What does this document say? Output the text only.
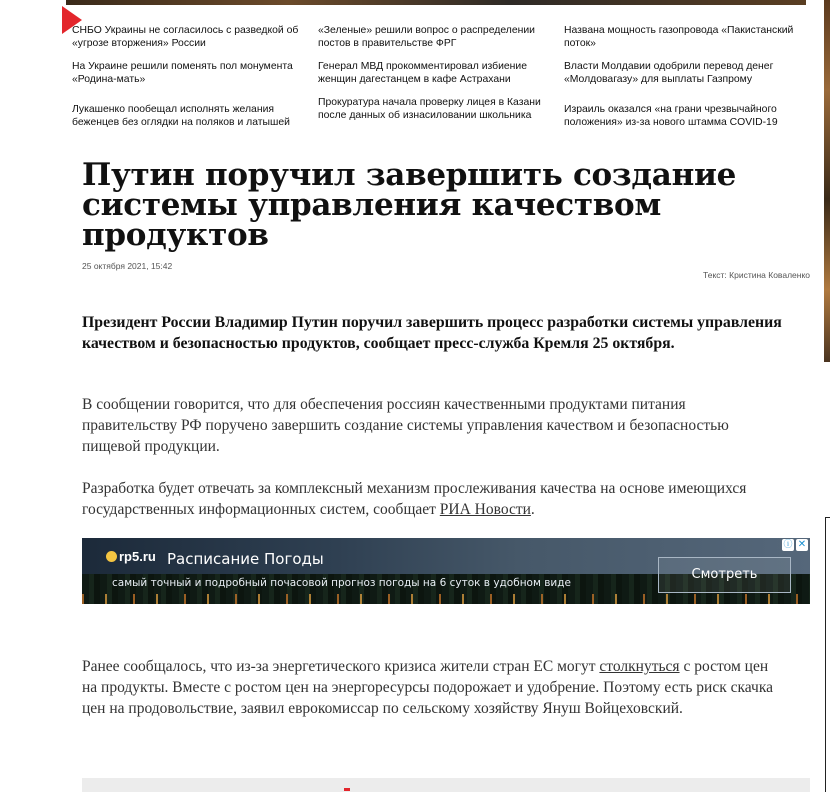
СНБО Украины не согласилось с разведкой об «угрозе вторжения» России
«Зеленые» решили вопрос о распределении постов в правительстве ФРГ
Названа мощность газопровода «Пакистанский поток»
На Украине решили поменять пол монумента «Родина-мать»
Генерал МВД прокомментировал избиение женщин дагестанцем в кафе Астрахани
Власти Молдавии одобрили перевод денег «Молдовагазу» для выплаты Газпрому
Лукашенко пообещал исполнять желания беженцев без оглядки на поляков и латышей
Прокуратура начала проверку лицея в Казани после данных об изнасиловании школьника
Израиль оказался «на грани чрезвычайного положения» из-за нового штамма COVID-19
Путин поручил завершить создание системы управления качеством продуктов
25 октября 2021, 15:42
Текст: Кристина Коваленко

Президент России Владимир Путин поручил завершить процесс разработки системы управления качеством и безопасностью продуктов, сообщает пресс-служба Кремля 25 октября.

В сообщении говорится, что для обеспечения россиян качественными продуктами питания правительству РФ поручено завершить создание системы управления качеством и безопасностью пищевой продукции.

Разработка будет отвечать за комплексный механизм прослеживания качества на основе имеющихся государственных информационных систем, сообщает РИА Новости.

rp5.ru Расписание Погоды
самый точный и подробный почасовой прогноз погоды на 6 суток в удобном виде
Смотреть
ⓘ ✕

Ранее сообщалось, что из-за энергетического кризиса жители стран ЕС могут столкнуться с ростом цен на продукты. Вместе с ростом цен на энергоресурсы подорожает и удобрение. Поэтому есть риск скачка цен на продовольствие, заявил еврокомиссар по сельскому хозяйству Януш Войцеховский.
